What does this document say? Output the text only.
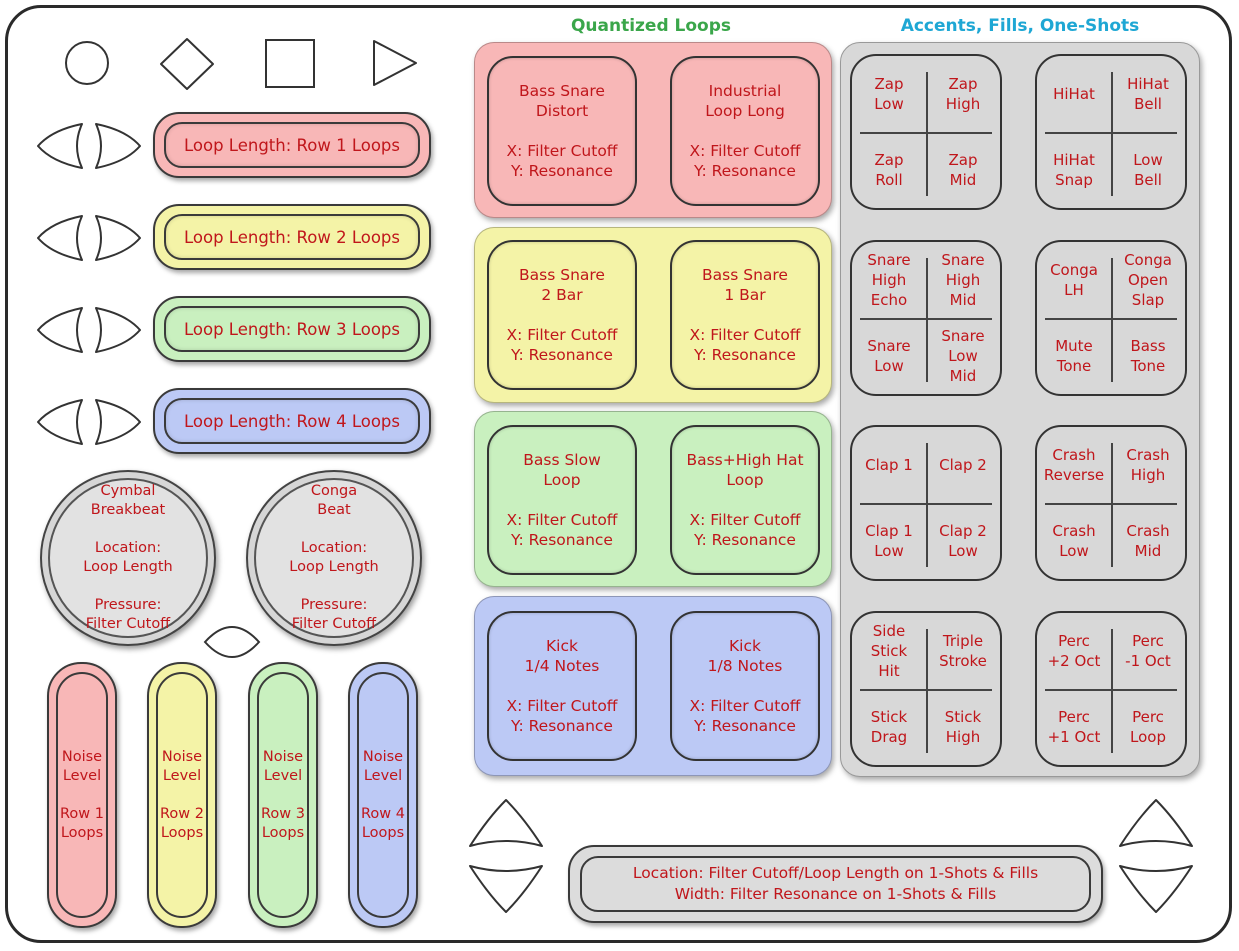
Quantized Loops	Accents, Fills, One-Shots
Loop Length: Row 1 Loops
Loop Length: Row 2 Loops
Loop Length: Row 3 Loops
Loop Length: Row 4 Loops
Cymbal
Breakbeat
Location:
Loop Length
Pressure:
Filter Cutoff
Conga
Beat
Location:
Loop Length
Pressure:
Filter Cutoff
Noise
Level
Row 1
Loops
Noise
Level
Row 2
Loops
Noise
Level
Row 3
Loops
Noise
Level
Row 4
Loops
Bass Snare
Distort
X: Filter Cutoff
Y: Resonance
Industrial
Loop Long
X: Filter Cutoff
Y: Resonance
Bass Snare
2 Bar
X: Filter Cutoff
Y: Resonance
Bass Snare
1 Bar
X: Filter Cutoff
Y: Resonance
Bass Slow
Loop
X: Filter Cutoff
Y: Resonance
Bass+High Hat
Loop
X: Filter Cutoff
Y: Resonance
Kick
1/4 Notes
X: Filter Cutoff
Y: Resonance
Kick
1/8 Notes
X: Filter Cutoff
Y: Resonance
Zap
Low
Zap
High
Zap
Roll
Zap
Mid
HiHat
HiHat
Bell
HiHat
Snap
Low
Bell
Snare
High
Echo
Snare
High
Mid
Snare
Low
Snare
Low
Mid
Conga
LH
Conga
Open
Slap
Mute
Tone
Bass
Tone
Clap 1 Clap 2
Clap 1
Low
Clap 2
Low
Crash
Reverse
Crash
High
Crash
Low
Crash
Mid
Side
Stick
Hit
Triple
Stroke
Stick
Drag
Stick
High
Perc
+2 Oct
Perc
-1 Oct
Perc
+1 Oct
Perc
Loop
Location: Filter Cutoff/Loop Length on 1-Shots & Fills
Width: Filter Resonance on 1-Shots & Fills
